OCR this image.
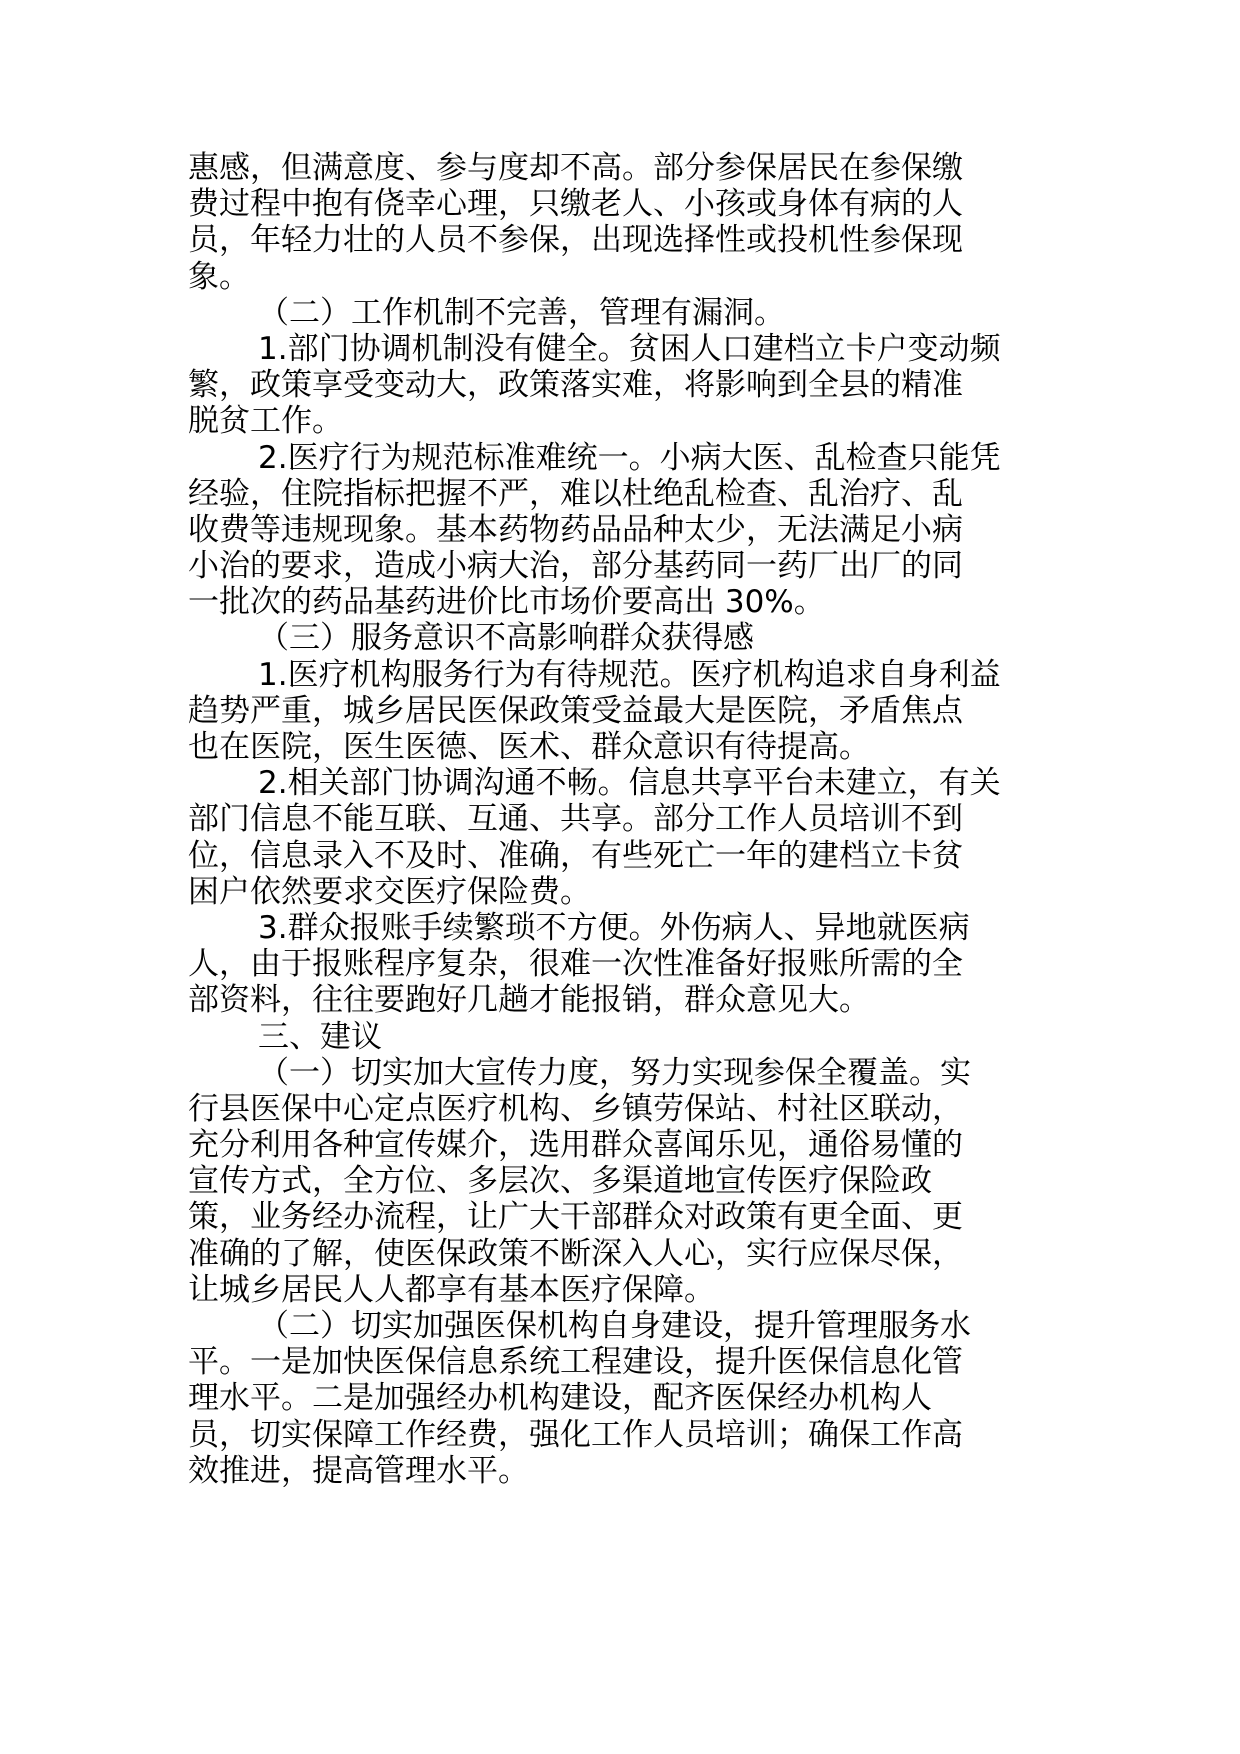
惠感，但满意度、参与度却不高。部分参保居民在参保缴
费过程中抱有侥幸心理，只缴老人、小孩或身体有病的人
员，年轻力壮的人员不参保，出现选择性或投机性参保现
象。
（二）工作机制不完善，管理有漏洞。
1.部门协调机制没有健全。贫困人口建档立卡户变动频
繁，政策享受变动大，政策落实难，将影响到全县的精准
脱贫工作。
2.医疗行为规范标准难统一。小病大医、乱检查只能凭
经验，住院指标把握不严，难以杜绝乱检查、乱治疗、乱
收费等违规现象。基本药物药品品种太少，无法满足小病
小治的要求，造成小病大治，部分基药同一药厂出厂的同
一批次的药品基药进价比市场价要高出 30%。
（三）服务意识不高影响群众获得感
1.医疗机构服务行为有待规范。医疗机构追求自身利益
趋势严重，城乡居民医保政策受益最大是医院，矛盾焦点
也在医院，医生医德、医术、群众意识有待提高。
2.相关部门协调沟通不畅。信息共享平台未建立，有关
部门信息不能互联、互通、共享。部分工作人员培训不到
位，信息录入不及时、准确，有些死亡一年的建档立卡贫
困户依然要求交医疗保险费。
3.群众报账手续繁琐不方便。外伤病人、异地就医病
人，由于报账程序复杂，很难一次性准备好报账所需的全
部资料，往往要跑好几趟才能报销，群众意见大。
三、建议
（一）切实加大宣传力度，努力实现参保全覆盖。实
行县医保中心定点医疗机构、乡镇劳保站、村社区联动，
充分利用各种宣传媒介，选用群众喜闻乐见，通俗易懂的
宣传方式，全方位、多层次、多渠道地宣传医疗保险政
策，业务经办流程，让广大干部群众对政策有更全面、更
准确的了解，使医保政策不断深入人心，实行应保尽保，
让城乡居民人人都享有基本医疗保障。
（二）切实加强医保机构自身建设，提升管理服务水
平。一是加快医保信息系统工程建设，提升医保信息化管
理水平。二是加强经办机构建设，配齐医保经办机构人
员，切实保障工作经费，强化工作人员培训；确保工作高
效推进，提高管理水平。
